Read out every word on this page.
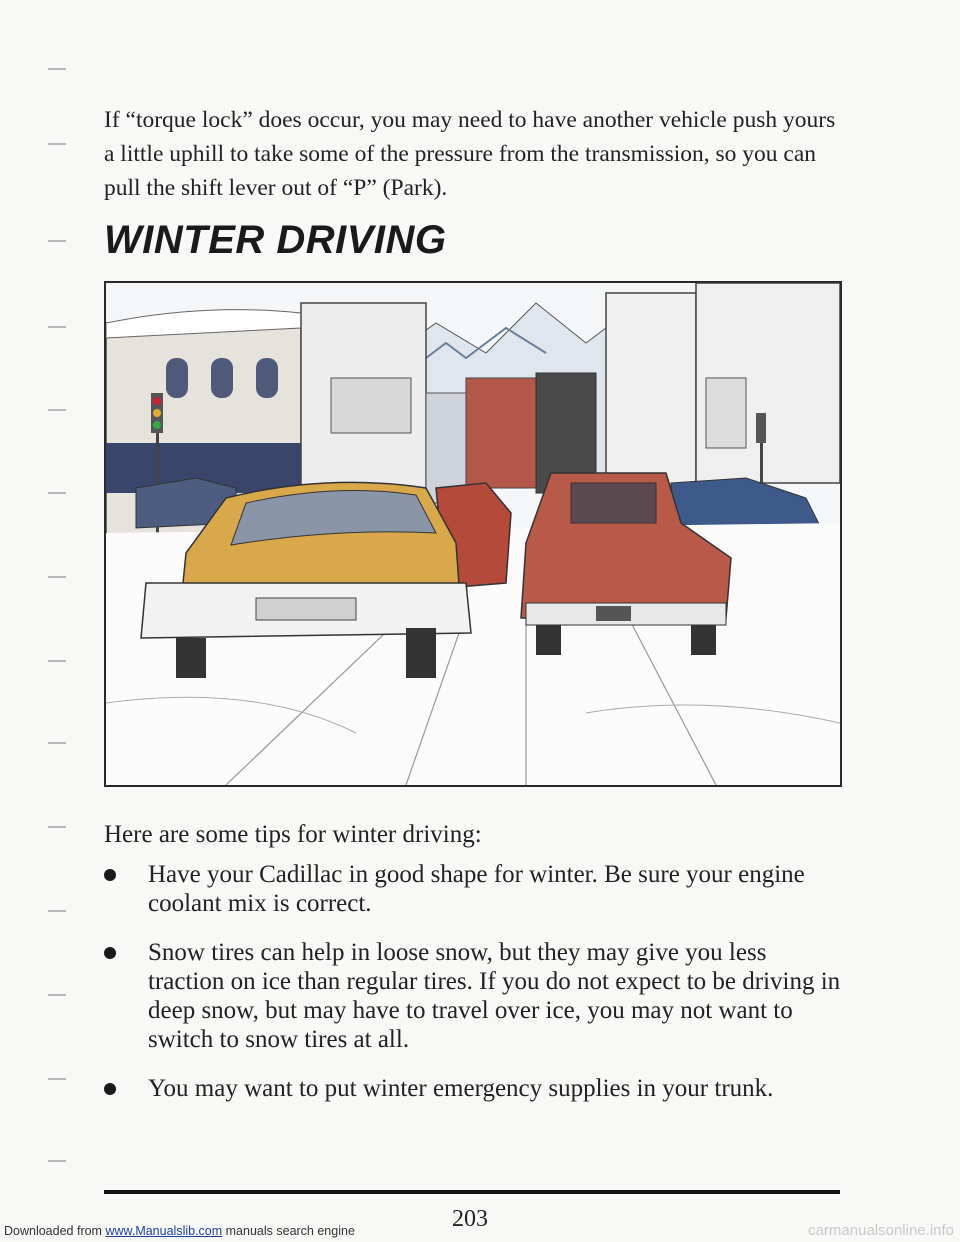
If “torque lock” does occur, you may need to have another vehicle push yours a little uphill to take some of the pressure from the transmission, so you can pull the shift lever out of “P” (Park).

WINTER DRIVING

Here are some tips for winter driving:

Have your Cadillac in good shape for winter. Be sure your engine coolant mix is correct.
Snow tires can help in loose snow, but they may give you less traction on ice than regular tires. If you do not expect to be driving in deep snow, but may have to travel over ice, you may not want to switch to snow tires at all.
You may want to put winter emergency supplies in your trunk.
203
Downloaded from www.Manualslib.com manuals search engine	carmanualsonline.info
